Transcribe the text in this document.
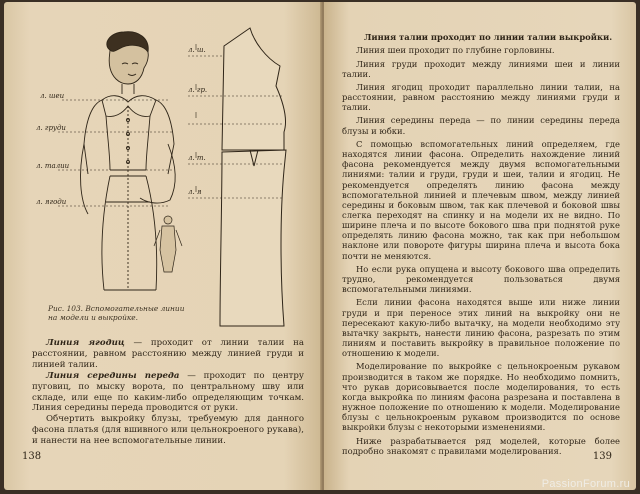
л. шеи
л. груди
л. талии
л. ягоди
л. ш.
л. гр.
л. т.
л. я
Рис. 103. Вспомогательные линии на модели и выкройке.

Линия ягодиц — проходит от линии талии на расстоянии, равном расстоянию между линией груди и линией талии.

Линия середины переда — проходит по центру пуговиц, по мыску ворота, по центральному шву или складе, или еще по каким-либо определяющим точкам. Линия середины переда проводится от руки.

Обчертить выкройку блузы, требуемую для данного фасона платья (для вшивного или цельнокроеного рукава), и нанести на нее вспомогательные линии.

138

Линия талии проходит по линии талии выкройки.

Линия шеи проходит по глубине горловины.

Линия груди проходит между линиями шеи и линии талии.

Линия ягодиц проходит параллельно линии талии, на расстоянии, равном расстоянию между линиями груди и талии.

Линия середины переда — по линии середины переда блузы и юбки.

С помощью вспомогательных линий определяем, где находятся линии фасона. Определить нахождение линий фасона рекомендуется между двумя вспомогательными линиями: талии и груди, груди и шеи, талии и ягодиц. Не рекомендуется определять линию фасона между вспомогательной линией и плечевым швом, между линией середины и боковым швом, так как плечевой и боковой швы слегка переходят на спинку и на модели их не видно. По ширине плеча и по высоте бокового шва при поднятой руке определять линию фасона можно, так как при небольшом наклоне или повороте фигуры ширина плеча и высота бока почти не меняются.

Но если рука опущена и высоту бокового шва определить трудно, рекомендуется пользоваться двумя вспомогательными линиями.

Если линии фасона находятся выше или ниже линии груди и при переносе этих линий на выкройку они не пересекают какую-либо вытачку, на модели необходимо эту вытачку закрыть, нанести линию фасона, разрезать по этим линиям и поставить выкройку в правильное положение по отношению к модели.

Моделирование по выкройке с цельнокроеным рукавом производится в таком же порядке. Но необходимо помнить, что рукав дорисовывается после моделирования, то есть когда выкройка по линиям фасона разрезана и поставлена в нужное положение по отношению к модели. Моделирование блузы с цельнокроеным рукавом производится по основе выкройки блузы с некоторыми изменениями.

Ниже разрабатывается ряд моделей, которые более подробно знакомят с правилами моделирования.

139
PassionForum.ru
